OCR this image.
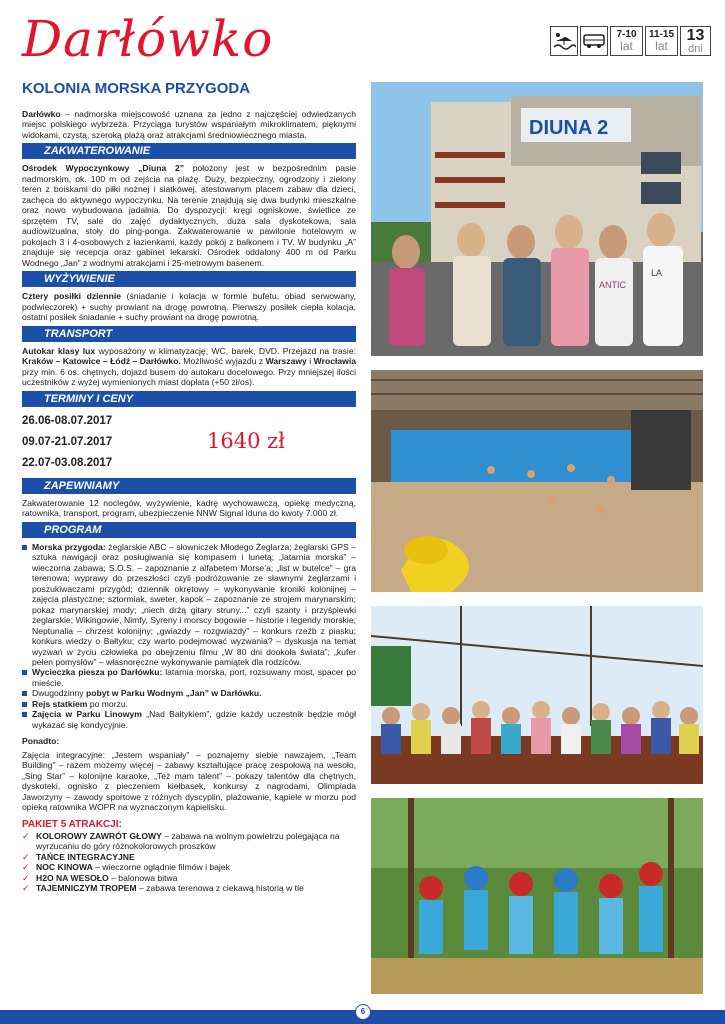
Darłówko	7-10
lat
11-15
lat
13
dni
KOLONIA MORSKA PRZYGODA

Darłówko – nadmorska miejscowość uznana za jedno z najczęściej odwiedzanych miejsc polskiego wybrzeża. Przyciąga turystów wspaniałym mikroklimatem, pięknymi widokami, czystą, szeroką plażą oraz atrakcjami średniowiecznego miasta.

ZAKWATEROWANIE

Ośrodek Wypoczynkowy „Diuna 2” położony jest w bezpośrednim pasie nadmorskim, ok. 100 m od zejścia na plażę. Duży, bezpieczny, ogrodzony i zielony teren z boiskami do piłki nożnej i siatkówej, atestowanym placem zabaw dla dzieci, zachęca do aktywnego wypoczynku. Na terenie znajdują się dwa budynki mieszkalne oraz nowo wybudowana jadalnia. Do dyspozycji: kręgi ogniskowe, świetlice ze sprzętem TV, sale do zajęć dydaktycznych, duża sala dyskotekowa, sala audiowizualna, stoły do ping-ponga. Zakwaterowanie w pawilonie hotelowym w pokojach 3 i 4-osobowych z łazienkami, każdy pokój z balkonem i TV. W budynku „A” znajduje się recepcja oraz gabinet lekarski. Ośrodek oddalony 400 m od Parku Wodnego „Jan” z wodnymi atrakcjami i 25-metrowym basenem.

WYŻYWIENIE

Cztery posiłki dziennie (śniadanie i kolacja w formie bufetu, obiad serwowany, podwieczorek) + suchy prowiant na drogę powrotną. Pierwszy posiłek ciepła kolacja, ostatni posiłek śniadanie + suchy prowiant na drogę powrotną.

TRANSPORT

Autokar klasy lux wyposażony w klimatyzację, WC, barek, DVD. Przejazd na trasie: Kraków – Katowice – Łódź – Darłówko. Możliwość wyjazdu z Warszawy i Wrocławia przy min. 6 os. chętnych, dojazd busem do autokaru docelowego. Przy mniejszej ilości uczestników z wyżej wymienionych miast dopłata (+50 zł/os).

TERMINY I CENY
26.06-08.07.2017
09.07-21.07.2017
22.07-03.08.2017
1640 zł
ZAPEWNIAMY

Zakwaterowanie 12 noclegów, wyżywienie, kadrę wychowawczą, opiekę medyczną, ratownika, transport, program, ubezpieczenie NNW Signal Iduna do kwoty 7.000 zł.

PROGRAM
Morska przygoda: żeglarskie ABC – słowniczek Młodego Żeglarza; żeglarski GPS – sztuka nawigacji oraz posługiwania się kompasem i lunetą; „latarnia morska” – wieczorna zabawa; S.O.S. – zapoznanie z alfabetem Morse’a; „list w butelce” – gra terenowa; wyprawy do przeszłości czyli podróżowanie ze sławnymi żeglarzami i poszukiwaczami przygód; dziennik okrętowy – wykonywanie kroniki kolonijnej – zajęcia plastyczne; sztormiak, sweter, kapok – zapoznanie ze strojem marynarskim; pokaz marynarskiej mody; „niech drżą gitary struny...” czyli szanty i przyśpiewki żeglarskie; Wikingowie, Nimfy, Syreny i morscy bogowie – historie i legendy morskie; Neptunalia – chrzest kolonijny; „gwiazdy – rozgwiazdy” – konkurs rzeźb z piasku; konkurs wiedzy o Bałtyku; czy warto podejmować wyzwania? – dyskusja na temat wyzwań w życiu człowieka po obejrzeniu filmu „W 80 dni dookoła świata”; „kufer pełen pomysłów” – własnoręczne wykonywanie pamiątek dla rodziców.
Wycieczka piesza po Darłówku: latarnia morska, port, rozsuwany most, spacer po mieście.
Dwugodzinny pobyt w Parku Wodnym „Jan” w Darłówku.
Rejs statkiem po morzu.
Zajęcia w Parku Linowym „Nad Bałtykiem”, gdzie każdy uczestnik będzie mógł wykazać się kondycyjnie.

Ponadto:

Zajęcia integracyjne: „Jestem wspaniały” – poznajemy siebie nawzajem, „Team Building” – razem możemy więcej – zabawy kształtujące pracę zespołową na wesoło, „Sing Star” – kolonijne karaoke, „Też mam talent” – pokazy talentów dla chętnych, dyskoteki, ognisko z pieczeniem kiełbasek, konkursy z nagrodami, Olimpiada Jaworzyny – zawody sportowe z różnych dyscyplin, plażowanie, kąpiele w morzu pod opieką ratownika WOPR na wyznaczonym kąpielisku.

PAKIET 5 ATRAKCJI:
✓ KOLOROWY ZAWRÓT GŁOWY – zabawa na wolnym powietrzu polegająca na wyrzucaniu do góry różnokolorowych proszków
✓ TAŃCE INTEGRACYJNE
✓ NOC KINOWA – wieczorne oglądnie filmów i bajek
✓ H2O NA WESOŁO – balonowa bitwa
✓ TAJEMNICZYM TROPEM – zabawa terenowa z ciekawą historią w tle
DIUNA 2
ANTIC
LA
6
